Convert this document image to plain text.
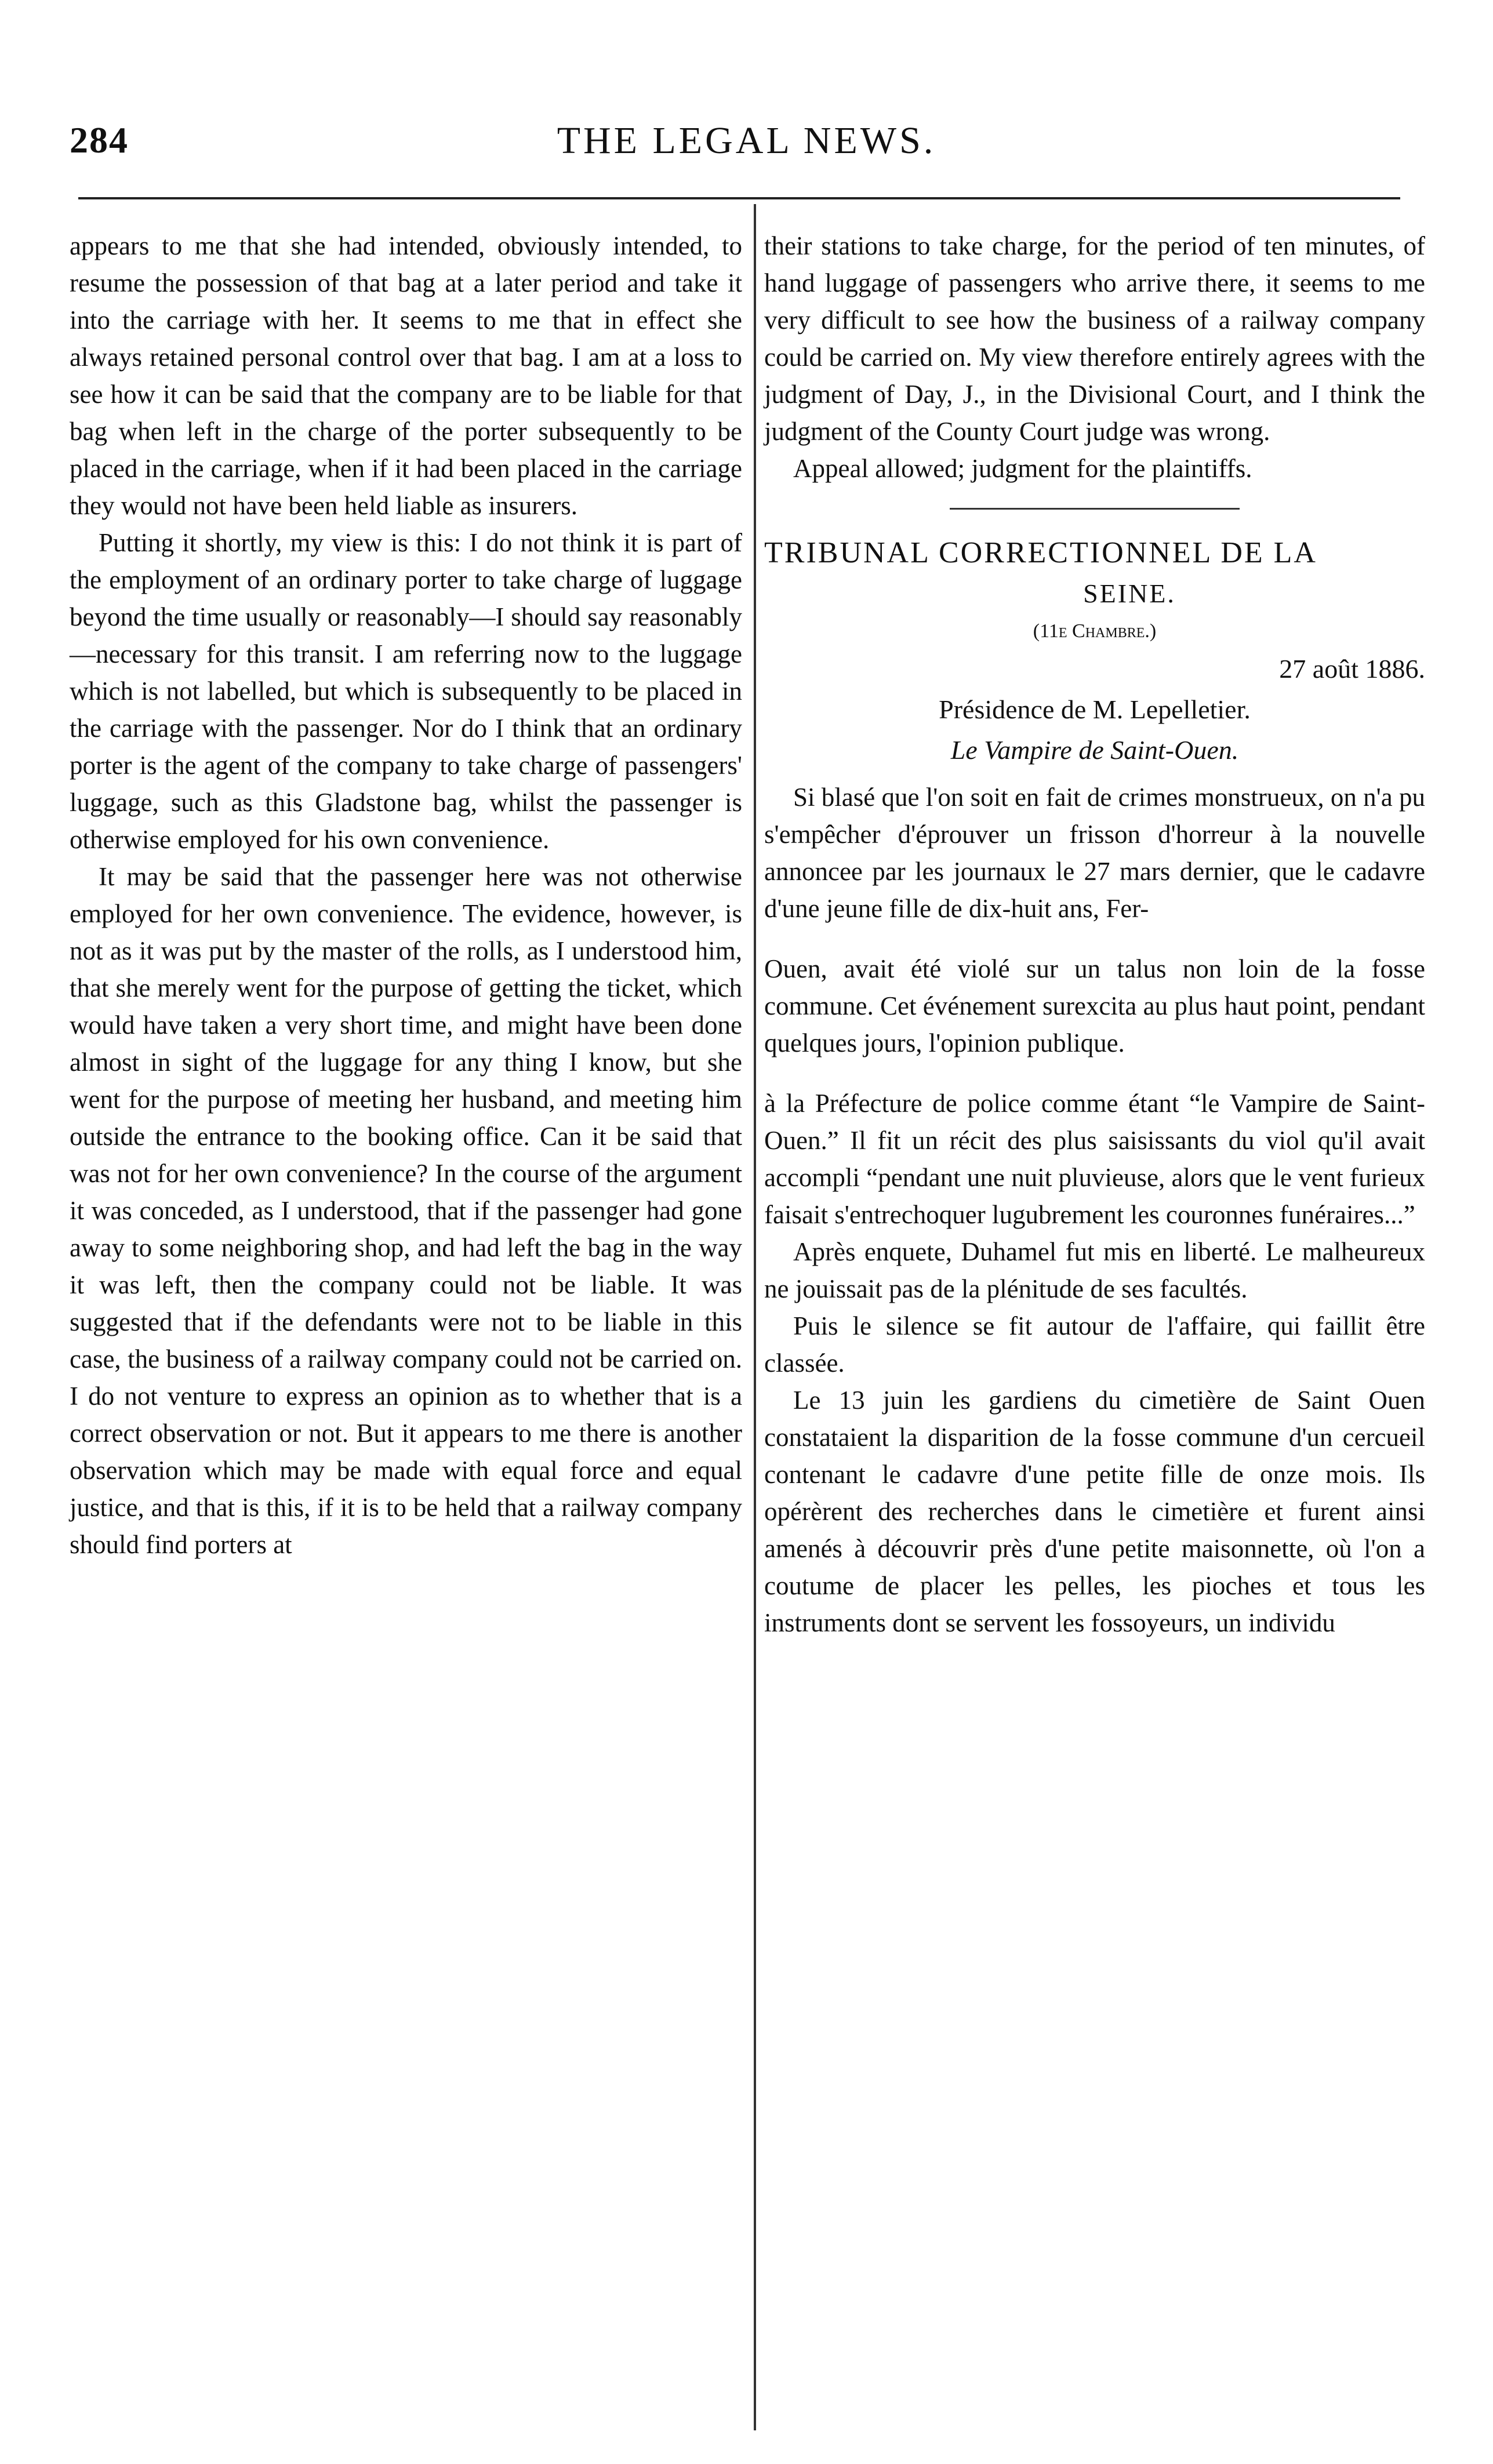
284	THE LEGAL NEWS.

appears to me that she had intended, obviously intended, to resume the possession of that bag at a later period and take it into the carriage with her. It seems to me that in effect she always retained personal control over that bag. I am at a loss to see how it can be said that the company are to be liable for that bag when left in the charge of the porter subsequently to be placed in the carriage, when if it had been placed in the carriage they would not have been held liable as insurers.

Putting it shortly, my view is this: I do not think it is part of the employment of an ordinary porter to take charge of luggage beyond the time usually or reasonably—I should say reasonably—necessary for this transit. I am referring now to the luggage which is not labelled, but which is subsequently to be placed in the carriage with the passenger. Nor do I think that an ordinary porter is the agent of the company to take charge of passengers' luggage, such as this Gladstone bag, whilst the passenger is otherwise employed for his own convenience.

It may be said that the passenger here was not otherwise employed for her own convenience. The evidence, however, is not as it was put by the master of the rolls, as I understood him, that she merely went for the purpose of getting the ticket, which would have taken a very short time, and might have been done almost in sight of the luggage for any thing I know, but she went for the purpose of meeting her husband, and meeting him outside the entrance to the booking office. Can it be said that was not for her own convenience? In the course of the argument it was conceded, as I understood, that if the passenger had gone away to some neighboring shop, and had left the bag in the way it was left, then the company could not be liable. It was suggested that if the defendants were not to be liable in this case, the business of a railway company could not be carried on. I do not venture to express an opinion as to whether that is a correct observation or not. But it appears to me there is another observation which may be made with equal force and equal justice, and that is this, if it is to be held that a railway company should find porters at

their stations to take charge, for the period of ten minutes, of hand luggage of passengers who arrive there, it seems to me very difficult to see how the business of a railway company could be carried on. My view therefore entirely agrees with the judgment of Day, J., in the Divisional Court, and I think the judgment of the County Court judge was wrong.

Appeal allowed; judgment for the plaintiffs.

TRIBUNAL CORRECTIONNEL DE LA
SEINE.
(11e Chambre.)
27 août 1886.
Présidence de M. Lepelletier.
Le Vampire de Saint-Ouen.

Si blasé que l'on soit en fait de crimes monstrueux, on n'a pu s'empêcher d'éprouver un frisson d'horreur à la nouvelle annoncee par les journaux le 27 mars dernier, que le cadavre d'une jeune fille de dix-huit ans, Fer-

Ouen, avait été violé sur un talus non loin de la fosse commune. Cet événement surexcita au plus haut point, pendant quelques jours, l'opinion publique.

à la Préfecture de police comme étant “le Vampire de Saint-Ouen.” Il fit un récit des plus saisissants du viol qu'il avait accompli “pendant une nuit pluvieuse, alors que le vent furieux faisait s'entrechoquer lugubrement les couronnes funéraires...”

Après enquete, Duhamel fut mis en liberté. Le malheureux ne jouissait pas de la plénitude de ses facultés.

Puis le silence se fit autour de l'affaire, qui faillit être classée.

Le 13 juin les gardiens du cimetière de Saint Ouen constataient la disparition de la fosse commune d'un cercueil contenant le cadavre d'une petite fille de onze mois. Ils opérèrent des recherches dans le cimetière et furent ainsi amenés à découvrir près d'une petite maisonnette, où l'on a coutume de placer les pelles, les pioches et tous les instruments dont se servent les fossoyeurs, un individu
